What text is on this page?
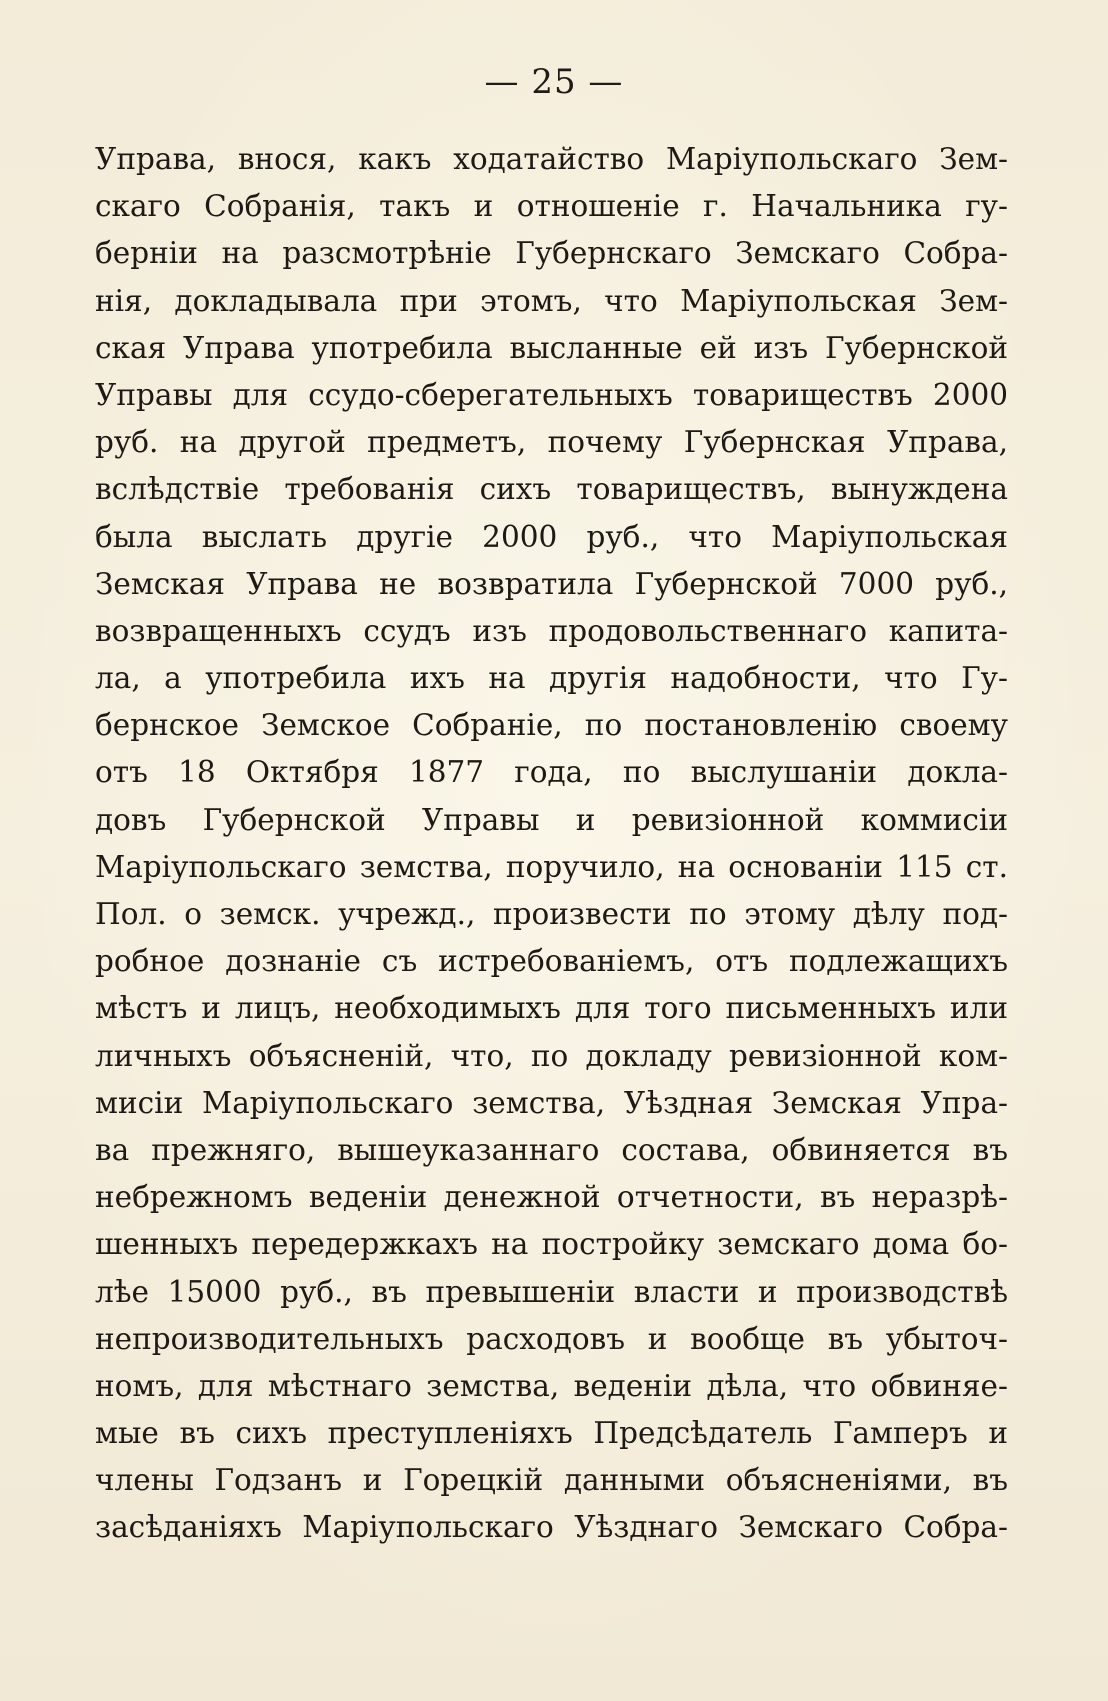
— 25 —
Управа, внося, какъ ходатайство Маріупольскаго Зем-
скаго Собранія, такъ и отношеніе г. Начальника гу-
берніи на разсмотрѣніе Губернскаго Земскаго Собра-
нія, докладывала при этомъ, что Маріупольская Зем-
ская Управа употребила высланные ей изъ Губернской
Управы для ссудо-сберегательныхъ товариществъ 2000
руб. на другой предметъ, почему Губернская Управа,
вслѣдствіе требованія сихъ товариществъ, вынуждена
была выслать другіе 2000 руб., что Маріупольская
Земская Управа не возвратила Губернской 7000 руб.,
возвращенныхъ ссудъ изъ продовольственнаго капита-
ла, а употребила ихъ на другія надобности, что Гу-
бернское Земское Собраніе, по постановленію своему
отъ 18 Октября 1877 года, по выслушаніи доклa-
довъ Губернской Управы и ревизіонной коммисіи
Маріупольскаго земства, поручило, на основаніи 115 ст.
Пол. о земск. учрежд., произвести по этому дѣлу под-
робное дознаніе съ истребованіемъ, отъ подлежащихъ
мѣстъ и лицъ, необходимыхъ для того письменныхъ или
личныхъ объясненій, что, по докладу ревизіонной ком-
мисіи Маріупольскаго земства, Уѣздная Земская Упра-
ва прежняго, вышеуказаннаго состава, обвиняется въ
небрежномъ веденіи денежной отчетности, въ неразрѣ-
шенныхъ передержкахъ на постройку земскаго дома бо-
лѣе 15000 руб., въ превышеніи власти и производствѣ
непроизводительныхъ расходовъ и вообще въ убыточ-
номъ, для мѣстнаго земства, веденіи дѣла, что обвиняе-
мые въ сихъ преступленіяхъ Предсѣдатель Гамперъ и
члены Годзанъ и Горецкій данными объясненіями, въ
засѣданіяхъ Маріупольскаго Уѣзднаго Земскаго Собра-
